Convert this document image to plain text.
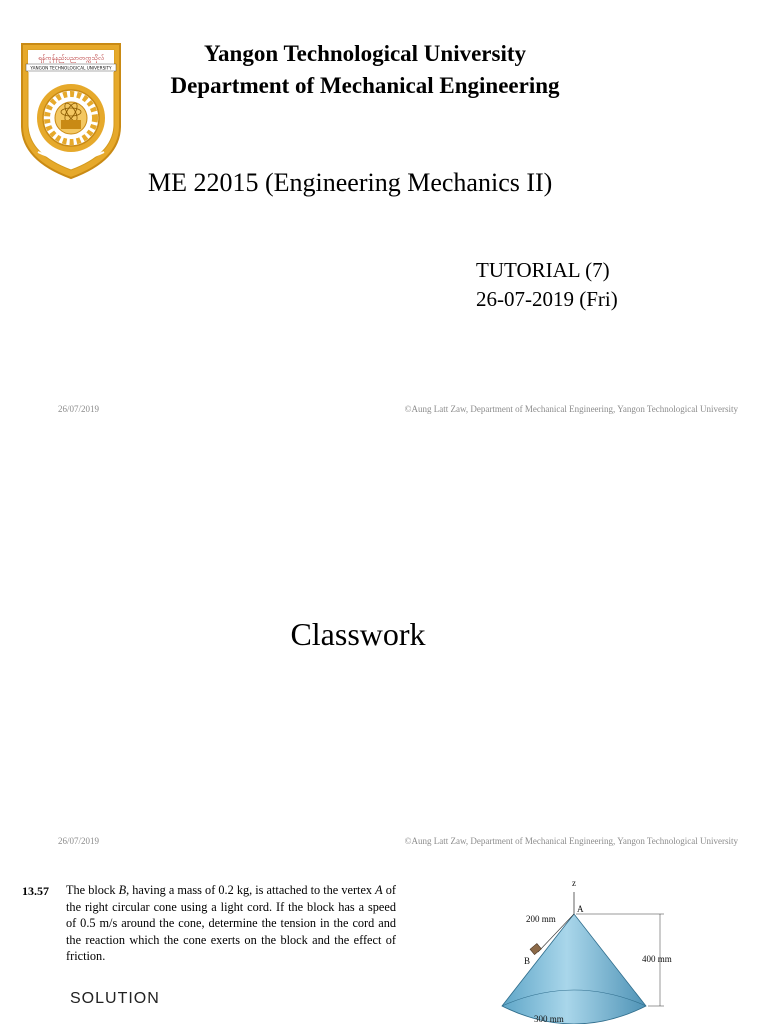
ရန်ကုန်နည်းပညာတက္ကသိုလ်
YANGON TECHNOLOGICAL UNIVERSITY
Yangon Technological University
Department of Mechanical Engineering
ME 22015 (Engineering Mechanics II)
TUTORIAL (7)
26-07-2019 (Fri)
26/07/2019	©Aung Latt Zaw, Department of Mechanical Engineering, Yangon Technological University
Classwork
26/07/2019	©Aung Latt Zaw, Department of Mechanical Engineering, Yangon Technological University
13.57 The block B, having a mass of 0.2 kg, is attached to the vertex A of the right circular cone using a light cord. If the block has a speed of 0.5 m/s around the cone, determine the tension in the cord and the reaction which the cone exerts on the block and the effect of friction.
SOLUTION
z
A
B
200 mm
400 mm
300 mm
